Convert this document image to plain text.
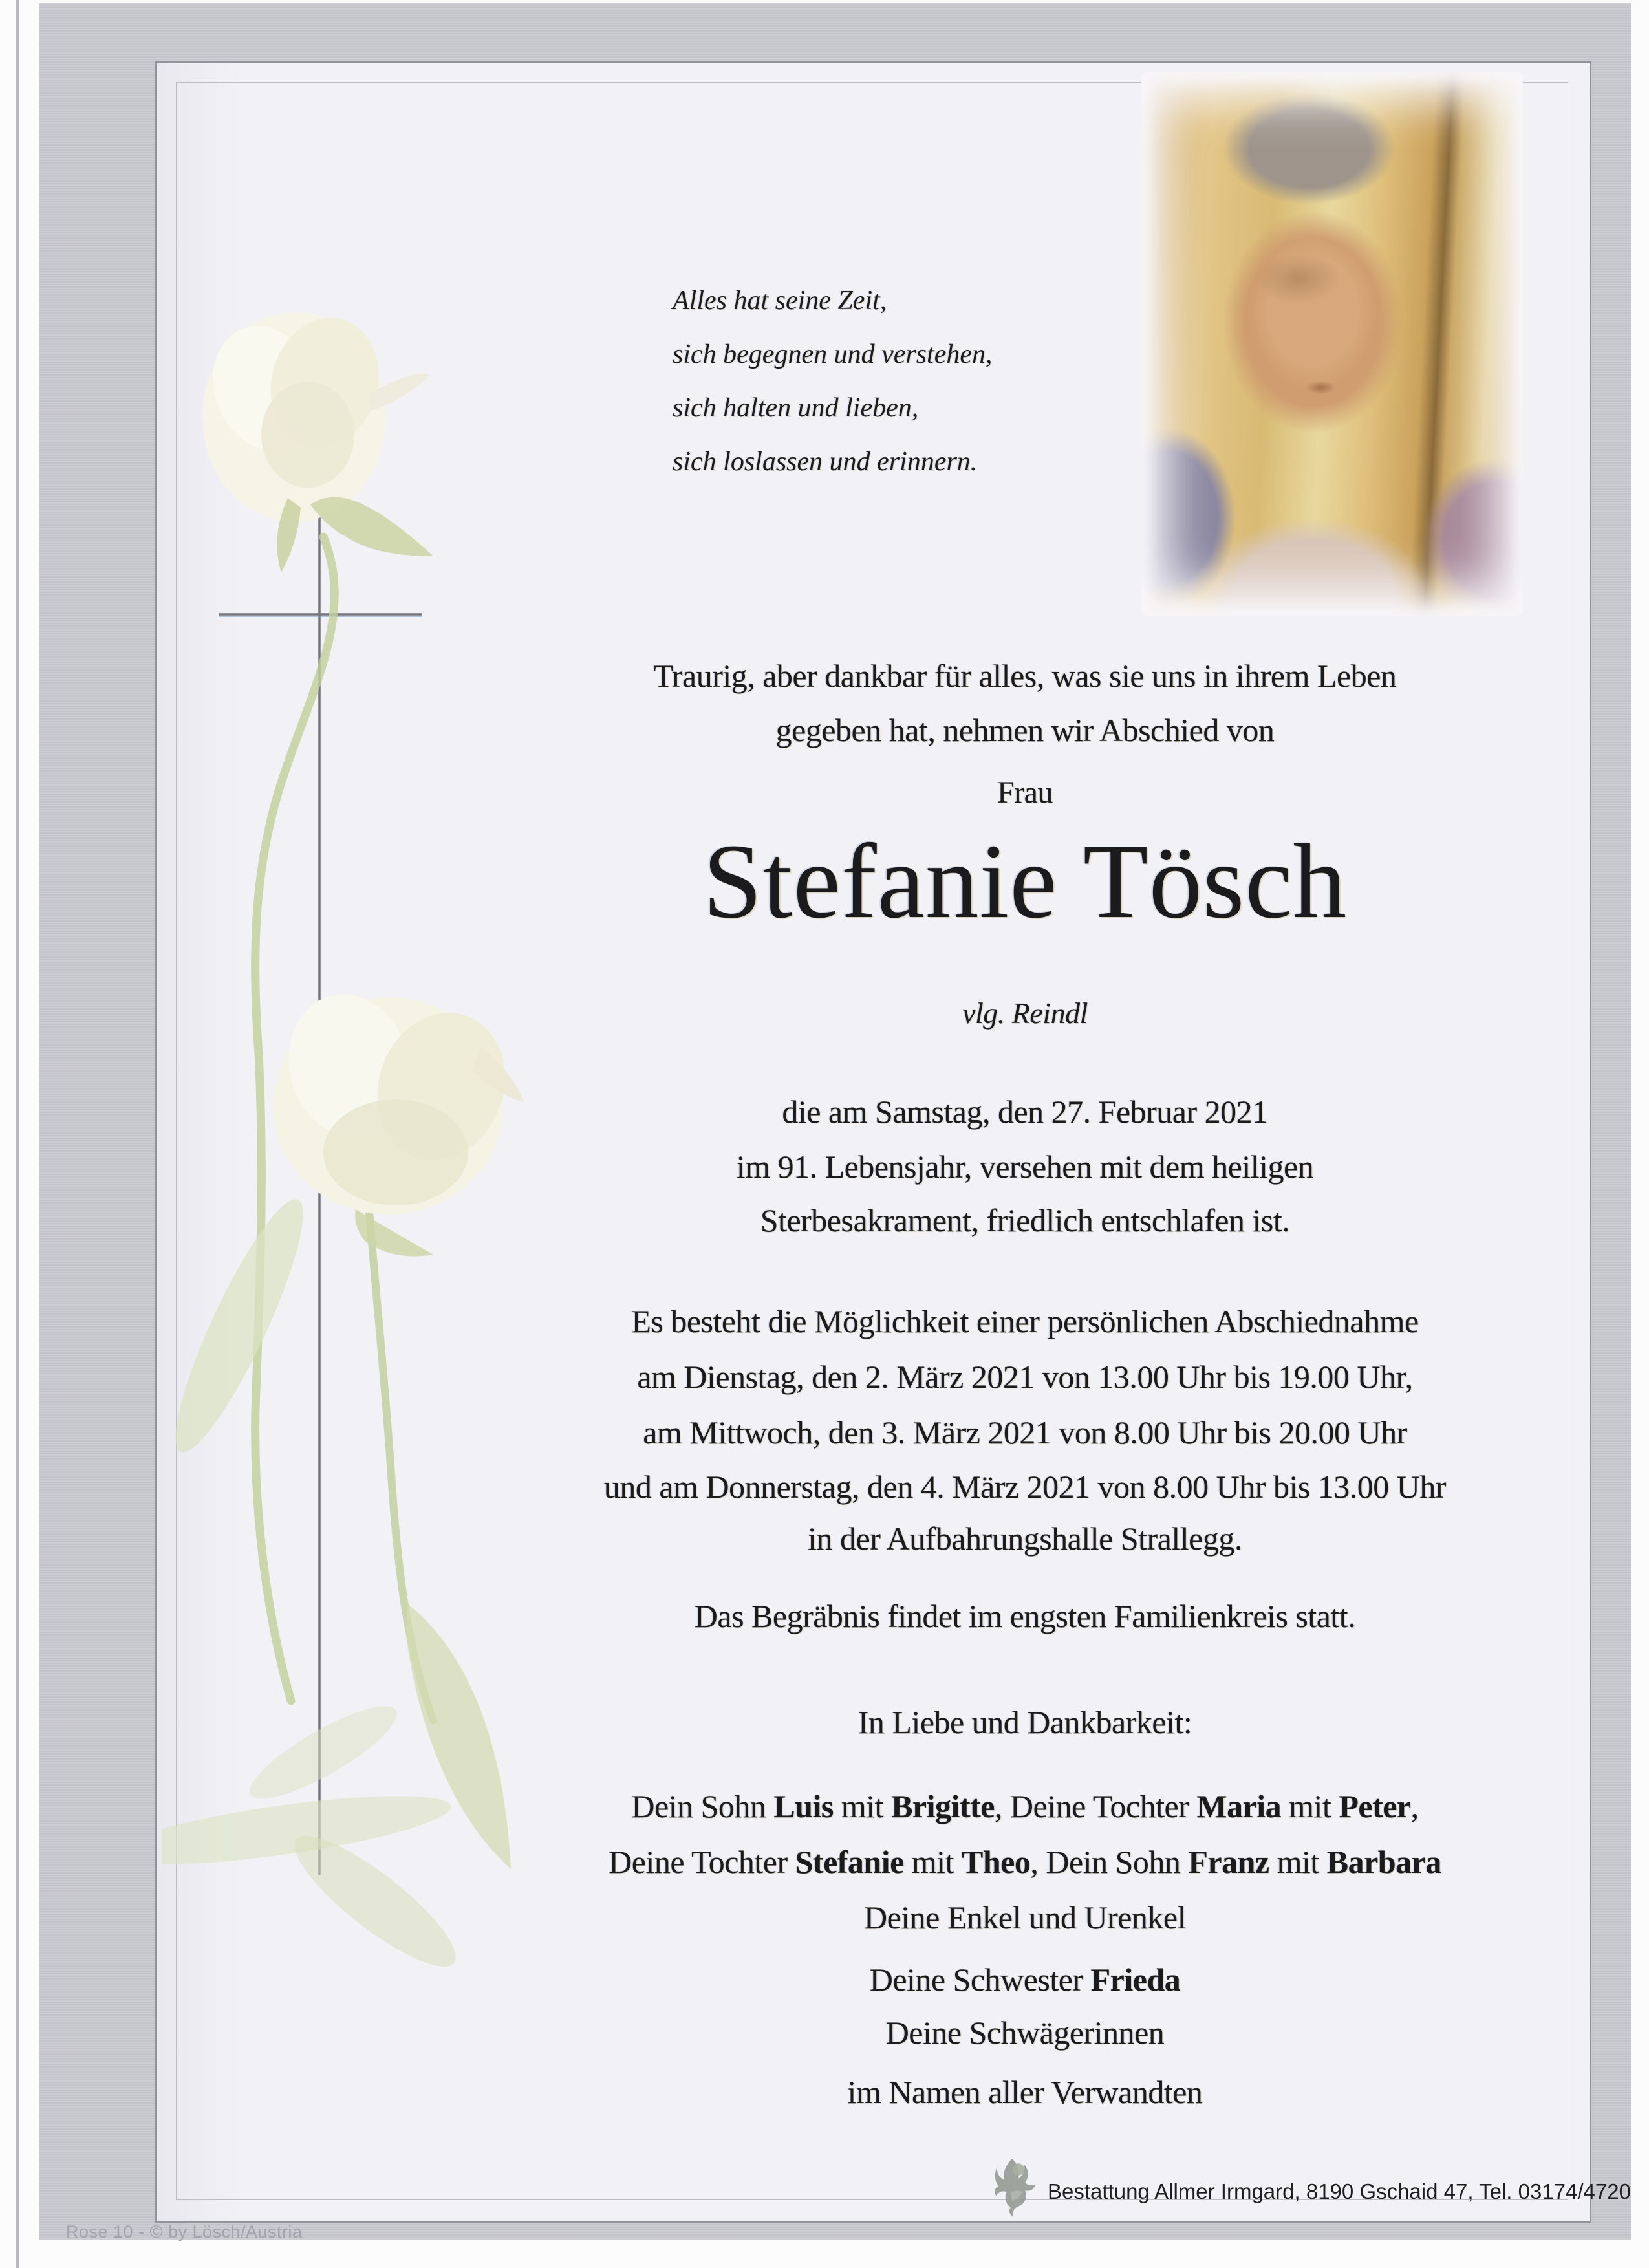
Alles hat seine Zeit,
sich begegnen und verstehen,
sich halten und lieben,
sich loslassen und erinnern.
Traurig, aber dankbar für alles, was sie uns in ihrem Leben
gegeben hat, nehmen wir Abschied von
Frau
Stefanie Tösch
vlg. Reindl
die am Samstag, den 27. Februar 2021
im 91. Lebensjahr, versehen mit dem heiligen
Sterbesakrament, friedlich entschlafen ist.
Es besteht die Möglichkeit einer persönlichen Abschiednahme
am Dienstag, den 2. März 2021 von 13.00 Uhr bis 19.00 Uhr,
am Mittwoch, den 3. März 2021 von 8.00 Uhr bis 20.00 Uhr
und am Donnerstag, den 4. März 2021 von 8.00 Uhr bis 13.00 Uhr
in der Aufbahrungshalle Strallegg.
Das Begräbnis findet im engsten Familienkreis statt.
In Liebe und Dankbarkeit:
Dein Sohn Luis mit Brigitte, Deine Tochter Maria mit Peter,
Deine Tochter Stefanie mit Theo, Dein Sohn Franz mit Barbara
Deine Enkel und Urenkel
Deine Schwester Frieda
Deine Schwägerinnen
im Namen aller Verwandten
Bestattung Allmer Irmgard, 8190 Gschaid 47, Tel. 03174/4720
Rose 10 - © by Lösch/Austria
